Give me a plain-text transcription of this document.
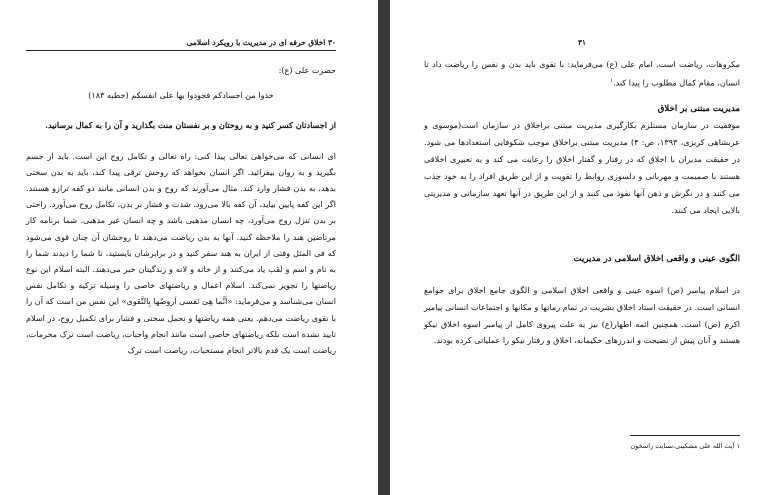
۳۰ اخلاق حرفه ای در مدیریت با رویکرد اسلامی

حضرت علی (ع):

خذوا من اجسادکم فجودوا بها علی انفسکم (خطبه ۱۸۳)

از اجسادتان کسر کنید و به روحتان و بر نفستان منت بگذارید و آن را به کمال برسانید.

ای انسانی که می‌خواهی تعالی پیدا کنی: راه تعالی و تکامل روح این است. باید از جسم بگیرید و به روان بیفزائید. اگر انسان بخواهد که روحش ترقی پیدا کند، باید به بدن سختی بدهد، به بدن فشار وارد کند. مثال می‌آورند که روح و بدن انسانی مانند دو کفه ترازو هستند. اگر این کفه پایین بیاید، آن کفه بالا می‌رود. شدت و فشار بر بدن، تکامل روح می‌آورد. راحتی بر بدن تنزل روح می‌آورد، چه انسان مذهبی باشد و چه انسان غیر مذهبی. شما برنامه کار مرتاضین هند را ملاحظه کنید. آنها به بدن ریاضت می‌دهند تا روحشان آن چنان قوی می‌شود که فی المثل وقتی از ایران به هند سفر کنید و در برابرشان بایستید، تا شما را دیدند شما را به نام و اسم و لقب یاد می‌کنند و از خانه و لانه و زندگیتان خبر می‌دهند. البته اسلام این نوع ریاضتها را تجویز نمی‌کند. اسلام اعمال و ریاضتهای خاصی را وسیله تزکیه و تکامل نفس انسان می‌شناسد و می‌فرماید: «اَنَّما هِیَ نَفسی اَروضُها بِالتَّقوی» این نفس من است که آن را با تقوی ریاضت می‌دهم. یعنی همه ریاضتها و تحمل سختی و فشار برای تکمیل روح، در اسلام تایید نشده است بلکه ریاضتهای خاصی است مانند انجام واجبات، ریاضت است ترک محرمات، ریاضت است یک قدم بالاتر انجام مستحبات، ریاضت است ترک

۳۱

مکروهات، ریاضت است. امام علی (ع) می‌فرماید: با تقوی باید بدن و نفس را ریاضت داد تا انسان، مقام کمال مطلوب را پیدا کند.$^۱$

مدیریت مبتنی بر اخلاق

موفقیت در سازمان مستلزم بکارگیری مدیریت مبتنی براخلاق در سازمان است(موسوی و عربشاهی کربزی، ۱۳۹۳، ص: ۴) مدیریت مبتنی براخلاق موجب شکوفایی استعدادها می شود. در حقیقت مدیران با اخلاق که در رفتار و گفتار اخلاق را رعایت می کند و به تعبیری اخلاقی هستند با صمیمت و مهربانی و دلسوزی روابط را تقویت و از این طریق افراد را به خود جذب می کنند و در نگرش و ذهن آنها نفوذ می کنند و از این طریق در آنها تعهد سازمانی و مدیریتی بالایی ایجاد می کنند.

الگوی عینی و واقعی اخلاق اسلامی در مدیریت

در اسلام پیامبر (ص) اسوه عینی و واقعی اخلاق اسلامی و الگوی جامع اخلاق برای جوامع انسانی است. در حقیقت استاد اخلاق بشریت در تمام زمانها و مکانها و اجتماعات انسانی پیامبر اکرم (ص) است. همچنین ائمه اطهار(ع) نیز به علت پیروی کامل از پیامبر اسوه اخلاق نیکو هستند و آنان پیش از نصیحت و اندرزهای حکیمانه، اخلاق و رفتار نیکو را عملیاتی کرده بودند.

۱ آیت الله علی مشکینی،نسایت راسخون
